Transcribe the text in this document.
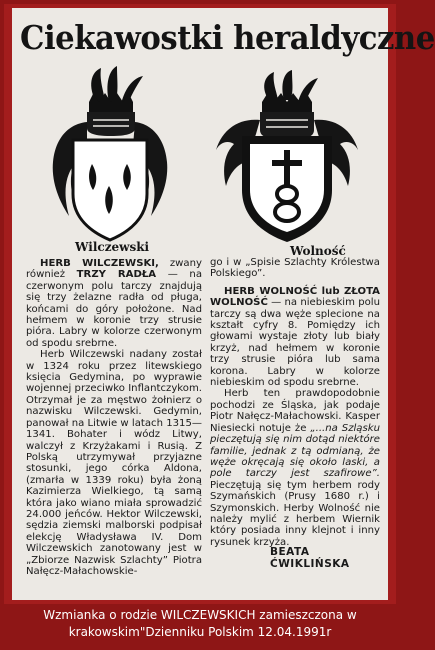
Ciekawostki heraldyczne
Wilczewski	Wolność

HERB WILCZEWSKI, zwany również TRZY RADŁA — na czerwonym polu tarczy znajdują się trzy żelazne radła od pługa, końcami do góry położone. Nad hełmem w koronie trzy strusie pióra. Labry w kolorze czerwonym od spodu srebrne.

Herb Wilczewski nadany został w 1324 roku przez litewskiego księcia Gedymina, po wyprawie wojennej przeciwko Inflantczykom. Otrzymał je za męstwo żołnierz o nazwisku Wilczewski. Gedymin, panował na Litwie w latach 1315—1341. Bohater i wódz Litwy, walczył z Krzyżakami i Rusią. Z Polską utrzymywał przyjazne stosunki, jego córka Aldona, (zmarła w 1339 roku) była żoną Kazimierza Wielkiego, tą samą która jako wiano miała sprowadzić 24.000 jeńców. Hektor Wilczewski, sędzia ziemski malborski podpisał elekcję Władysława IV. Dom Wilczewskich zanotowany jest w „Zbiorze Nazwisk Szlachty” Piotra Nałęcz-Małachowskie-

go i w „Spisie Szlachty Królestwa Polskiego”.

HERB WOLNOŚĆ lub ZŁOTA WOLNOŚĆ — na niebieskim polu tarczy są dwa węże splecione na kształt cyfry 8. Pomiędzy ich głowami wystaje złoty lub biały krzyż, nad hełmem w koronie trzy strusie pióra lub sama korona. Labry w kolorze niebieskim od spodu srebrne.

Herb ten prawdopodobnie pochodzi ze Śląska, jak podaje Piotr Nałęcz-Małachowski. Kasper Niesiecki notuje że „...na Szląsku pieczętują się nim dotąd niektóre familie, jednak z tą odmianą, że węże okręcają się około laski, a pole tarczy jest szafirowe”. Pieczętują się tym herbem rody Szymańskich (Prusy 1680 r.) i Szymonskich. Herby Wolność nie należy mylić z herbem Wiernik który posiada inny klejnot i inny rysunek krzyża.

BEATA ĆWIKLIŃSKA
Wzmianka o rodzie WILCZEWSKICH zamieszczona w krakowskim"Dzienniku Polskim 12.04.1991r
